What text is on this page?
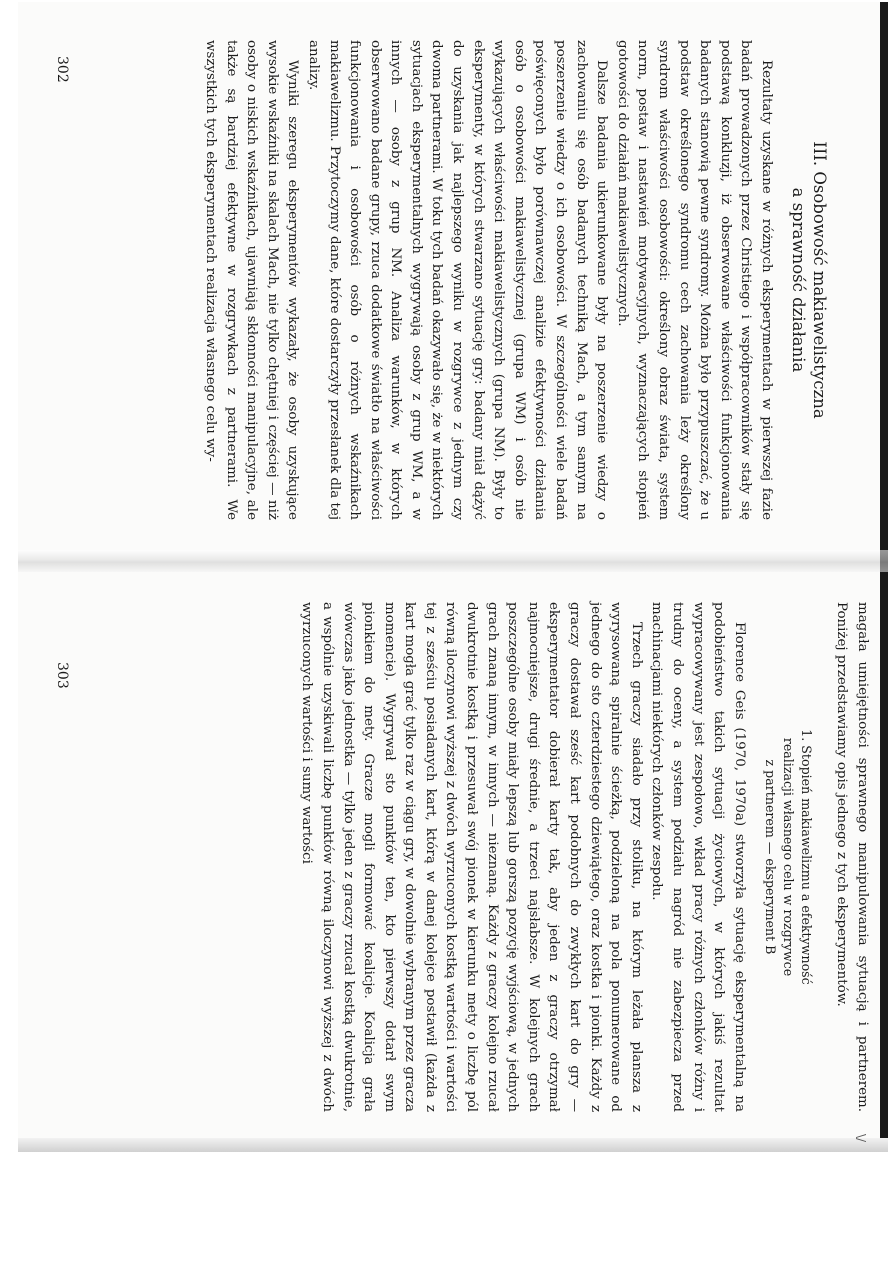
III. Osobowość makiawelistyczna
a sprawność działania

Rezultaty uzyskane w różnych eksperymentach w pierwszej fazie badań prowadzonych przez Christiego i współpracowników stały się podstawą konkluzji, iż obserwowane właściwości funkcjonowania badanych stanowią pewne syndromy. Można było przypuszczać, że u podstaw określonego syndromu cech zachowania leży określony syndrom właściwości osobowości: określony obraz świata, system norm, postaw i nastawień motywacyjnych, wyznaczających stopień gotowości do działań makiawelistycznych.

Dalsze badania ukierunkowane były na poszerzenie wiedzy o zachowaniu się osób badanych techniką Mach, a tym samym na poszerzenie wiedzy o ich osobowości. W szczególności wiele badań poświęconych było porównawczej analizie efektywności działania osób o osobowości makiawelistycznej (grupa WM) i osób nie wykazujących właściwości makiawelistycznych (grupa NM). Były to eksperymenty, w których stwarzano sytuację gry: badany miał dążyć do uzyskania jak najlepszego wyniku w rozgrywce z jednym czy dwoma partnerami. W toku tych badań okazywało się, że w niektórych sytuacjach eksperymentalnych wygrywają osoby z grup WM, a w innych — osoby z grup NM. Analiza warunków, w których obserwowano badane grupy, rzuca dodatkowe światło na właściwości funkcjonowania i osobowości osób o różnych wskaźnikach makiawelizmu. Przytoczymy dane, które dostarczyły przesłanek dla tej analizy.

Wyniki szeregu eksperymentów wykazały, że osoby uzyskujące wysokie wskaźniki na skalach Mach, nie tylko chętniej i częściej — niż osoby o niskich wskaźnikach, ujawniają skłonności manipulacyjne, ale także są bardziej efektywne w rozgrywkach z partnerami. We wszystkich tych eksperymentach realizacja własnego celu wy-

302
\/

magała umiejętności sprawnego manipulowania sytuacją i partnerem. Poniżej przedstawiamy opis jednego z tych eksperymentów.

1. Stopień makiawelizmu a efektywność
realizacji własnego celu w rozgrywce
z partnerem — eksperyment B

Florence Geis (1970, 1970a) stworzyła sytuację eksperymentalną na podobieństwo takich sytuacji życiowych, w których jakiś rezultat wypracowywany jest zespołowo, wkład pracy różnych członków różny i trudny do oceny, a system podziału nagród nie zabezpiecza przed machinacjami niektórych członków zespołu.

Trzech graczy siadało przy stoliku, na którym leżała plansza z wyrysowaną spiralnie ścieżką, podzieloną na pola ponumerowane od jednego do sto czterdziestego dziewiątego, oraz kostka i pionki. Każdy z graczy dostawał sześć kart podobnych do zwykłych kart do gry — eksperymentator dobierał karty tak, aby jeden z graczy otrzymał najmocniejsze, drugi średnie, a trzeci najsłabsze. W kolejnych grach poszczególne osoby miały lepszą lub gorszą pozycję wyjściową, w jednych grach znaną innym, w innych — nieznaną. Każdy z graczy kolejno rzucał dwukrotnie kostką i przesuwał swój pionek w kierunku mety o liczbę pól równą iloczynowi wyższej z dwóch wyrzuconych kostką wartości i wartości tej z sześciu posiadanych kart, którą w danej kolejce postawił (każda z kart mogła grać tylko raz w ciągu gry, w dowolnie wybranym przez gracza momencie). Wygrywał sto punktów ten, kto pierwszy dotarł swym pionkiem do mety. Gracze mogli formować koalicje. Koalicja grała wówczas jako jednostka — tylko jeden z graczy rzucał kostką dwukrotnie, a wspólnie uzyskiwali liczbę punktów równą iloczynowi wyższej z dwóch wyrzuconych wartości i sumy wartości

303
